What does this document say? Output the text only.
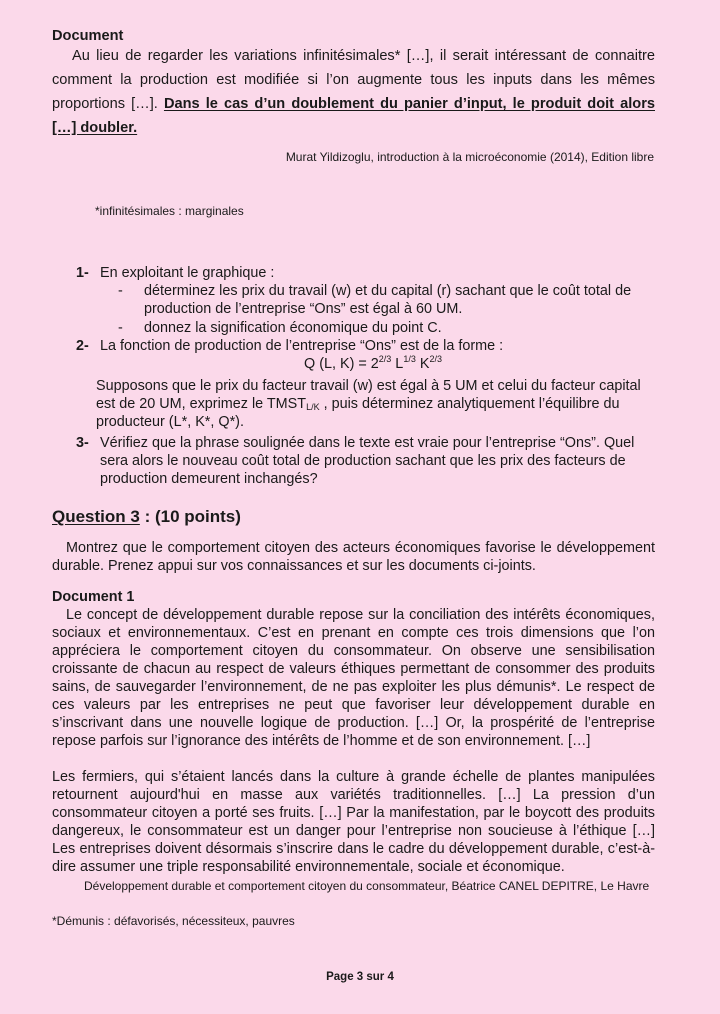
Document
Au lieu de regarder les variations infinitésimales* […], il serait intéressant de connaitre comment la production est modifiée si l’on augmente tous les inputs dans les mêmes proportions […]. Dans le cas d’un doublement du panier d’input, le produit doit alors […] doubler.
Murat Yildizoglu, introduction à la microéconomie (2014), Edition libre
*infinitésimales : marginales
1- En exploitant le graphique :
-	déterminez les prix du travail (w) et du capital (r) sachant que le coût total de production de l’entreprise “Ons” est égal à 60 UM.
-	donnez la signification économique du point C.
2- La fonction de production de l’entreprise “Ons” est de la forme :
Q (L, $K) = 2^{2/3}$ $L^{1/3}$ $K^{2/3}$
Supposons que le prix du facteur travail (w) est égal à 5 UM et celui du facteur capital est de 20 UM, exprimez le $TMST_{L/K}$ , puis déterminez analytiquement l’équilibre du producteur (L*, K*, Q*).
3- Vérifiez que la phrase soulignée dans le texte est vraie pour l’entreprise “Ons”. Quel sera alors le nouveau coût total de production sachant que les prix des facteurs de production demeurent inchangés?
Question 3 : (10 points)
Montrez que le comportement citoyen des acteurs économiques favorise le développement durable. Prenez appui sur vos connaissances et sur les documents ci-joints.
Document 1
Le concept de développement durable repose sur la conciliation des intérêts économiques, sociaux et environnementaux. C’est en prenant en compte ces trois dimensions que l’on appréciera le comportement citoyen du consommateur. On observe une sensibilisation croissante de chacun au respect de valeurs éthiques permettant de consommer des produits sains, de sauvegarder l’environnement, de ne pas exploiter les plus démunis*. Le respect de ces valeurs par les entreprises ne peut que favoriser leur développement durable en s’inscrivant dans une nouvelle logique de production. […] Or, la prospérité de l’entreprise repose parfois sur l’ignorance des intérêts de l’homme et de son environnement. […]
Les fermiers, qui s’étaient lancés dans la culture à grande échelle de plantes manipulées retournent aujourd'hui en masse aux variétés traditionnelles. […] La pression d’un consommateur citoyen a porté ses fruits. […] Par la manifestation, par le boycott des produits dangereux, le consommateur est un danger pour l’entreprise non soucieuse à l’éthique […] Les entreprises doivent désormais s’inscrire dans le cadre du développement durable, c’est-à-dire assumer une triple responsabilité environnementale, sociale et économique.
Développement durable et comportement citoyen du consommateur, Béatrice CANEL DEPITRE, Le Havre
*Démunis : défavorisés, nécessiteux, pauvres
Page 3 sur 4
